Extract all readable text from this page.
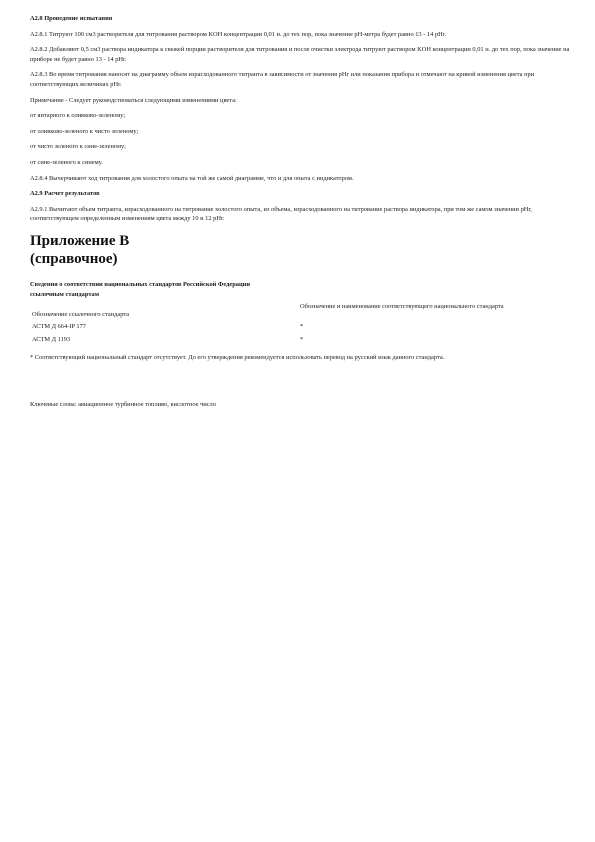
А2.8 Проведение испытания

А2.8.1 Титруют 100 см3 растворителя для титрования раствором KOH концентрации 0,01 н. до тех пор, пока значение рН-метра будет равно 13 - 14 рНг.

А2.8.2 Добавляют 0,5 см3 раствора индикатора к свежей порции растворителя для титрования и после очистки электрода титруют раствором KOH концентрации 0,01 н. до тех пор, пока значение на приборе не будет равно 13 - 14 рНг.

А2.8.3 Во время титрования наносят на диаграмму объем израсходованного титранта в зависимости от значения рНг или показания прибора и отмечают на кривой изменения цвета при соответствующих величинах рНг.

Примечание - Следует руководствоваться следующими изменениями цвета:

от янтарного к оливково-зеленому;

от оливково-зеленого к чисто зеленому;

от чисто зеленого к сине-зеленому;

от сине-зеленого к синему.

А2.8.4 Вычерчивают ход титрования для холостого опыта на той же самой диаграмме, что и для опыта с индикатором.

А2.9 Расчет результатов

А2.9.1 Вычитают объем титранта, израсходованного на титрование холостого опыта, из объема, израсходованного на титрование раствора индикатора, при том же самом значении рНг, соответствующем определенным изменениям цвета между 10 и 12 рНг.

Приложение В
(справочное)

Сведения о соответствии национальных стандартов Российской Федерации

ссылочным стандартам

Обозначение ссылочного стандарта	Обозначение и наименование соответствующего национального стандарта
АСТМ Д 664-IP 177	*
АСТМ Д 1193	*

* Соответствующий национальный стандарт отсутствует. До его утверждения рекомендуется использовать перевод на русский язык данного стандарта.

Ключевые слова: авиационное турбинное топливо, кислотное число
